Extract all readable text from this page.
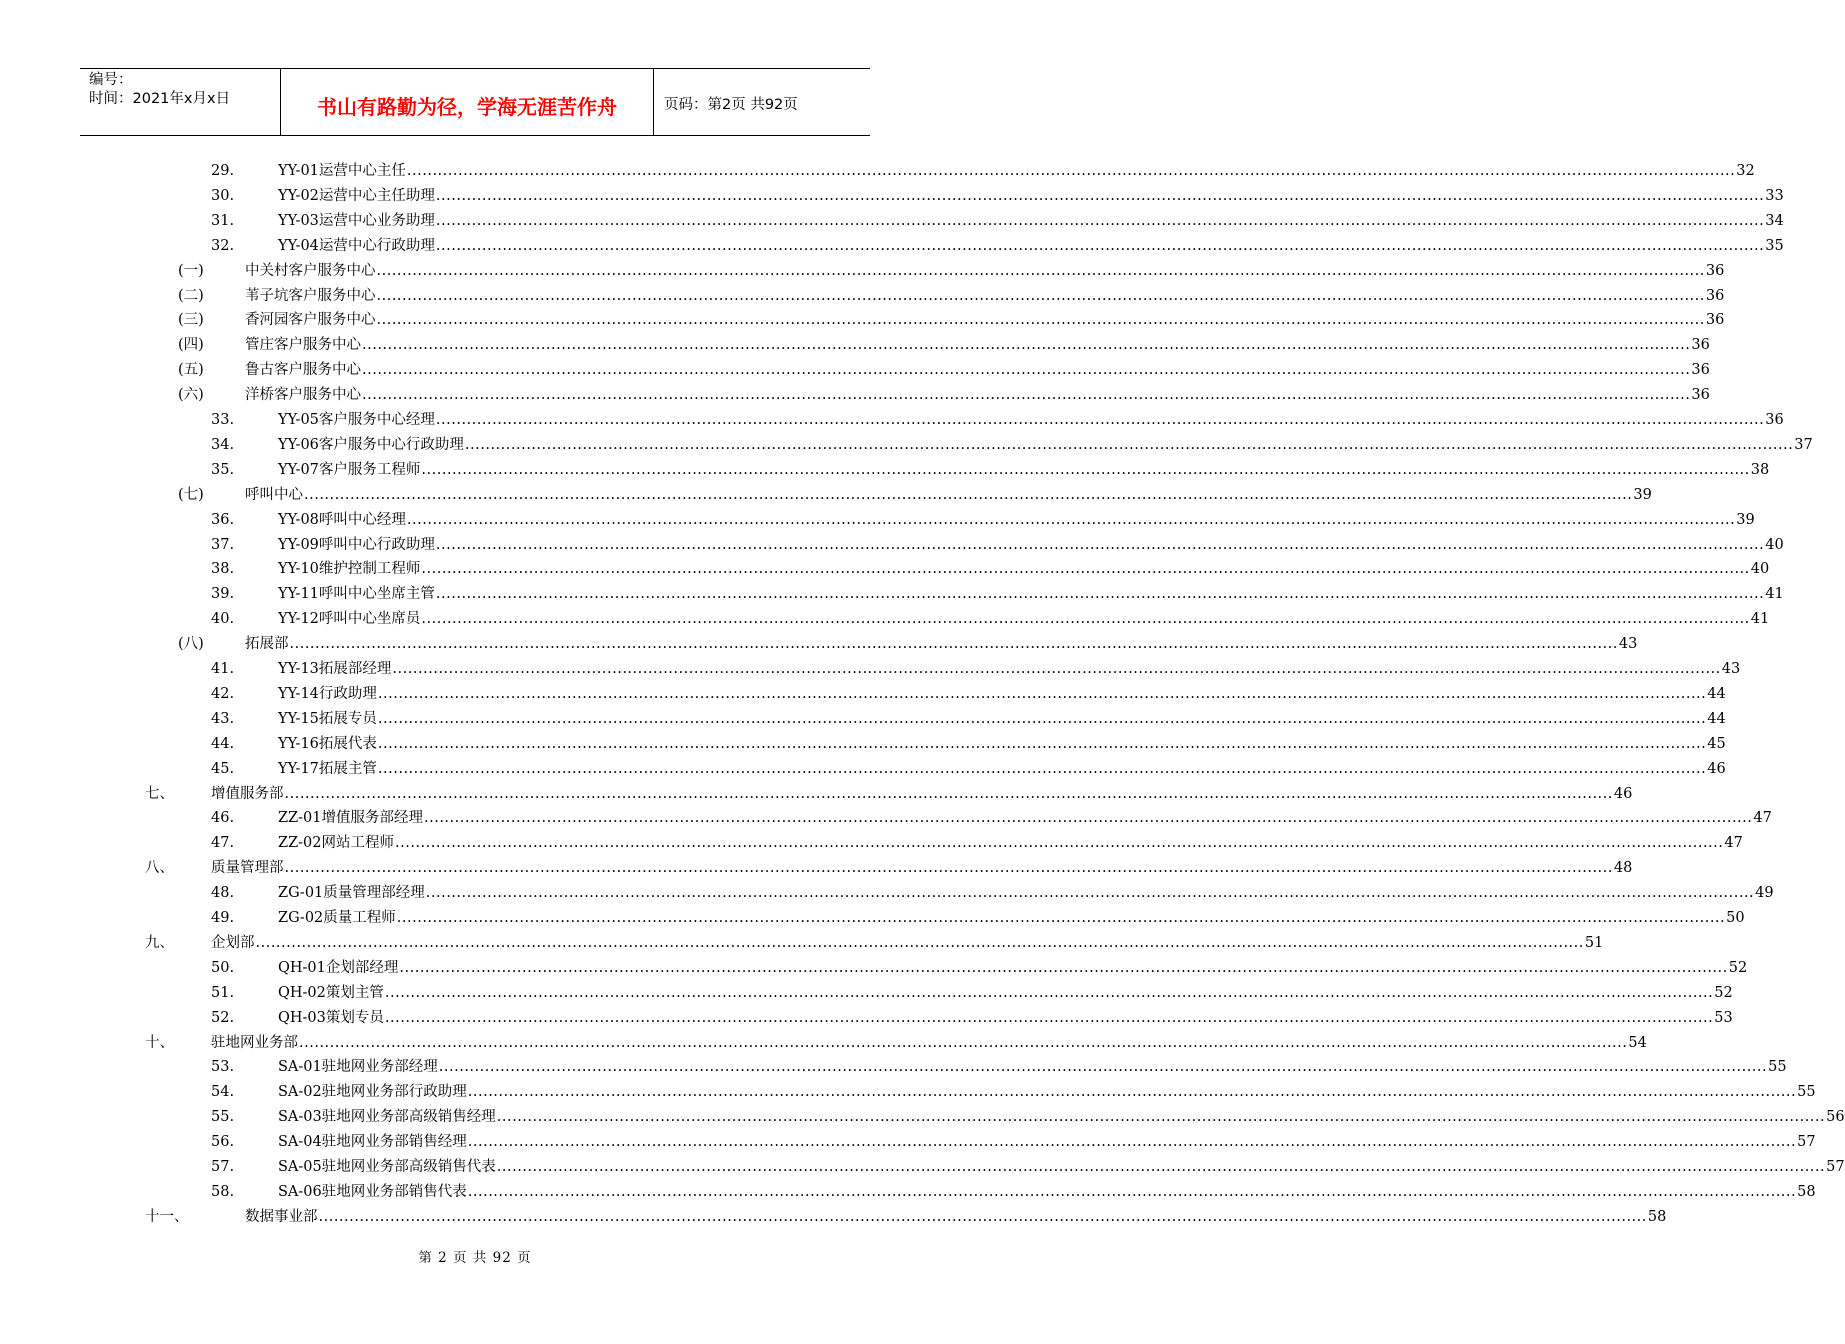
编号：
时间：2021年x月x日	书山有路勤为径，学海无涯苦作舟	页码：第2页 共92页
29.	YY-01运营中心主任 .................................................................................................................................................................................................................................................................... 32
30.	YY-02运营中心主任助理 .................................................................................................................................................................................................................................................................... 33
31.	YY-03运营中心业务助理 .................................................................................................................................................................................................................................................................... 34
32.	YY-04运营中心行政助理 .................................................................................................................................................................................................................................................................... 35
(一)	中关村客户服务中心 .................................................................................................................................................................................................................................................................... 36
(二)	苇子坑客户服务中心 .................................................................................................................................................................................................................................................................... 36
(三)	香河园客户服务中心 .................................................................................................................................................................................................................................................................... 36
(四)	管庄客户服务中心 .................................................................................................................................................................................................................................................................... 36
(五)	鲁古客户服务中心 .................................................................................................................................................................................................................................................................... 36
(六)	洋桥客户服务中心 .................................................................................................................................................................................................................................................................... 36
33.	YY-05客户服务中心经理 .................................................................................................................................................................................................................................................................... 36
34.	YY-06客户服务中心行政助理 .................................................................................................................................................................................................................................................................... 37
35.	YY-07客户服务工程师 .................................................................................................................................................................................................................................................................... 38
(七)	呼叫中心 .................................................................................................................................................................................................................................................................... 39
36.	YY-08呼叫中心经理 .................................................................................................................................................................................................................................................................... 39
37.	YY-09呼叫中心行政助理 .................................................................................................................................................................................................................................................................... 40
38.	YY-10维护控制工程师 .................................................................................................................................................................................................................................................................... 40
39.	YY-11呼叫中心坐席主管 .................................................................................................................................................................................................................................................................... 41
40.	YY-12呼叫中心坐席员 .................................................................................................................................................................................................................................................................... 41
(八)	拓展部 .................................................................................................................................................................................................................................................................... 43
41.	YY-13拓展部经理 .................................................................................................................................................................................................................................................................... 43
42.	YY-14行政助理 .................................................................................................................................................................................................................................................................... 44
43.	YY-15拓展专员 .................................................................................................................................................................................................................................................................... 44
44.	YY-16拓展代表 .................................................................................................................................................................................................................................................................... 45
45.	YY-17拓展主管 .................................................................................................................................................................................................................................................................... 46
七、	增值服务部 .................................................................................................................................................................................................................................................................... 46
46.	ZZ-01增值服务部经理 .................................................................................................................................................................................................................................................................... 47
47.	ZZ-02网站工程师 .................................................................................................................................................................................................................................................................... 47
八、	质量管理部 .................................................................................................................................................................................................................................................................... 48
48.	ZG-01质量管理部经理 .................................................................................................................................................................................................................................................................... 49
49.	ZG-02质量工程师 .................................................................................................................................................................................................................................................................... 50
九、	企划部 .................................................................................................................................................................................................................................................................... 51
50.	QH-01企划部经理 .................................................................................................................................................................................................................................................................... 52
51.	QH-02策划主管 .................................................................................................................................................................................................................................................................... 52
52.	QH-03策划专员 .................................................................................................................................................................................................................................................................... 53
十、	驻地网业务部 .................................................................................................................................................................................................................................................................... 54
53.	SA-01驻地网业务部经理 .................................................................................................................................................................................................................................................................... 55
54.	SA-02驻地网业务部行政助理 .................................................................................................................................................................................................................................................................... 55
55.	SA-03驻地网业务部高级销售经理 .................................................................................................................................................................................................................................................................... 56
56.	SA-04驻地网业务部销售经理 .................................................................................................................................................................................................................................................................... 57
57.	SA-05驻地网业务部高级销售代表 .................................................................................................................................................................................................................................................................... 57
58.	SA-06驻地网业务部销售代表 .................................................................................................................................................................................................................................................................... 58
十一、	数据事业部 .................................................................................................................................................................................................................................................................... 58
第 2 页 共 92 页
